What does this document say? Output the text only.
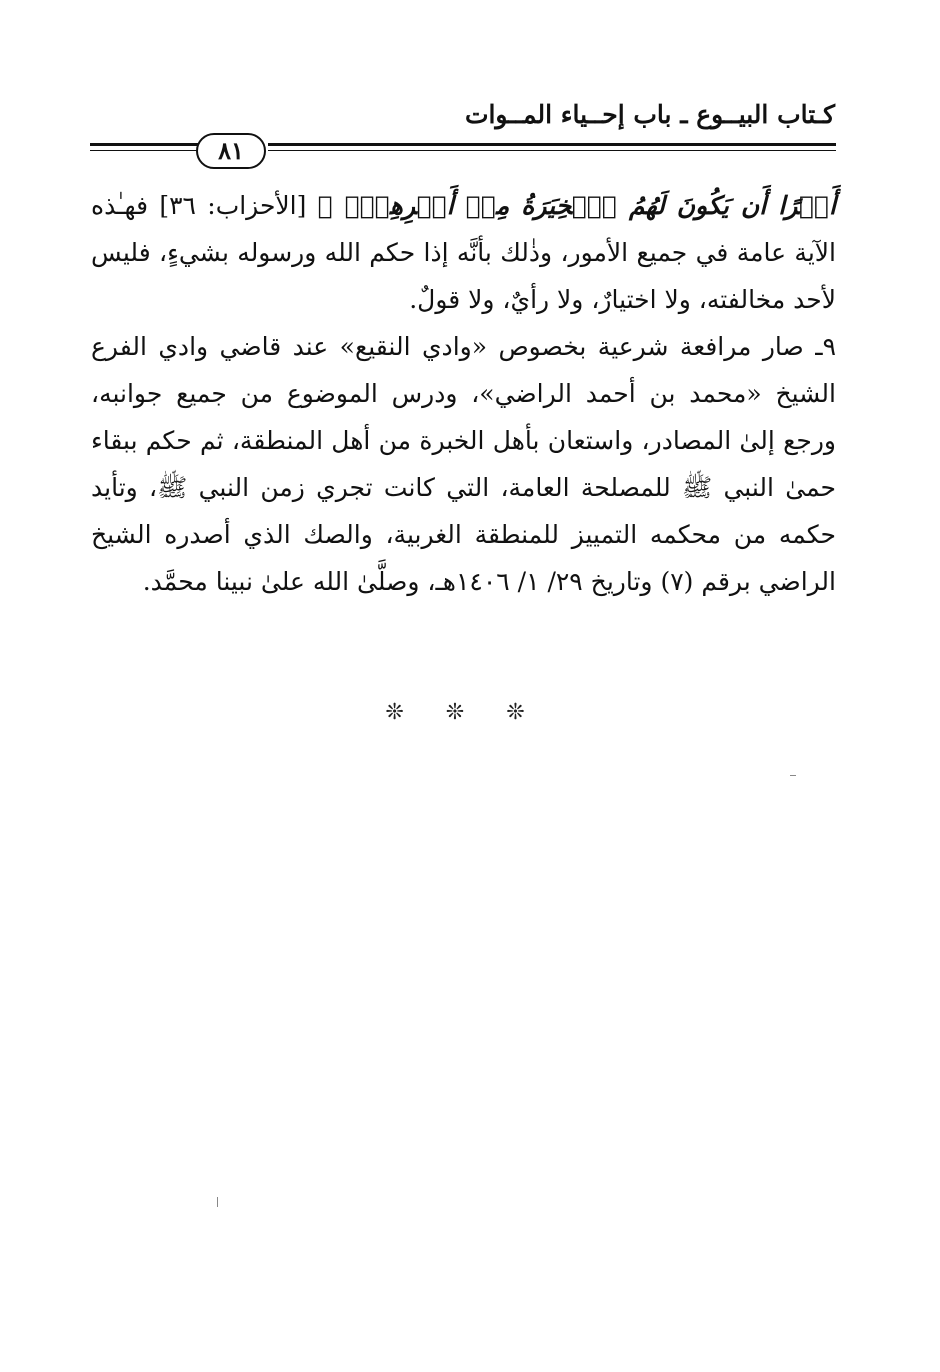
كـتاب البيــوع ـ باب إحــياء المــوات
٨١

أَمۡرًا أَن يَكُونَ لَهُمُ ٱلۡخِيَرَةُ مِنۡ أَمۡرِهِمۡۗ ﴾ [الأحزاب: ٣٦] فهـٰذه الآية عامة في جميع الأمور، وذٰلك بأنَّه إذا حكم الله ورسوله بشيءٍ، فليس لأحد مخالفته، ولا اختيارٌ، ولا رأيٌ، ولا قولٌ.

٩ـ صار مرافعة شرعية بخصوص «وادي النقيع» عند قاضي وادي الفرع الشيخ «محمد بن أحمد الراضي»، ودرس الموضوع من جميع جوانبه، ورجع إلىٰ المصادر، واستعان بأهل الخبرة من أهل المنطقة، ثم حكم ببقاء حمىٰ النبي ﷺ للمصلحة العامة، التي كانت تجري زمن النبي ﷺ، وتأيد حكمه من محكمه التمييز للمنطقة الغربية، والصك الذي أصدره الشيخ الراضي برقم (٧) وتاريخ ٢٩/ ١/ ١٤٠٦هـ، وصلَّىٰ الله علىٰ نبينا محمَّد.

❊ ❊ ❊
